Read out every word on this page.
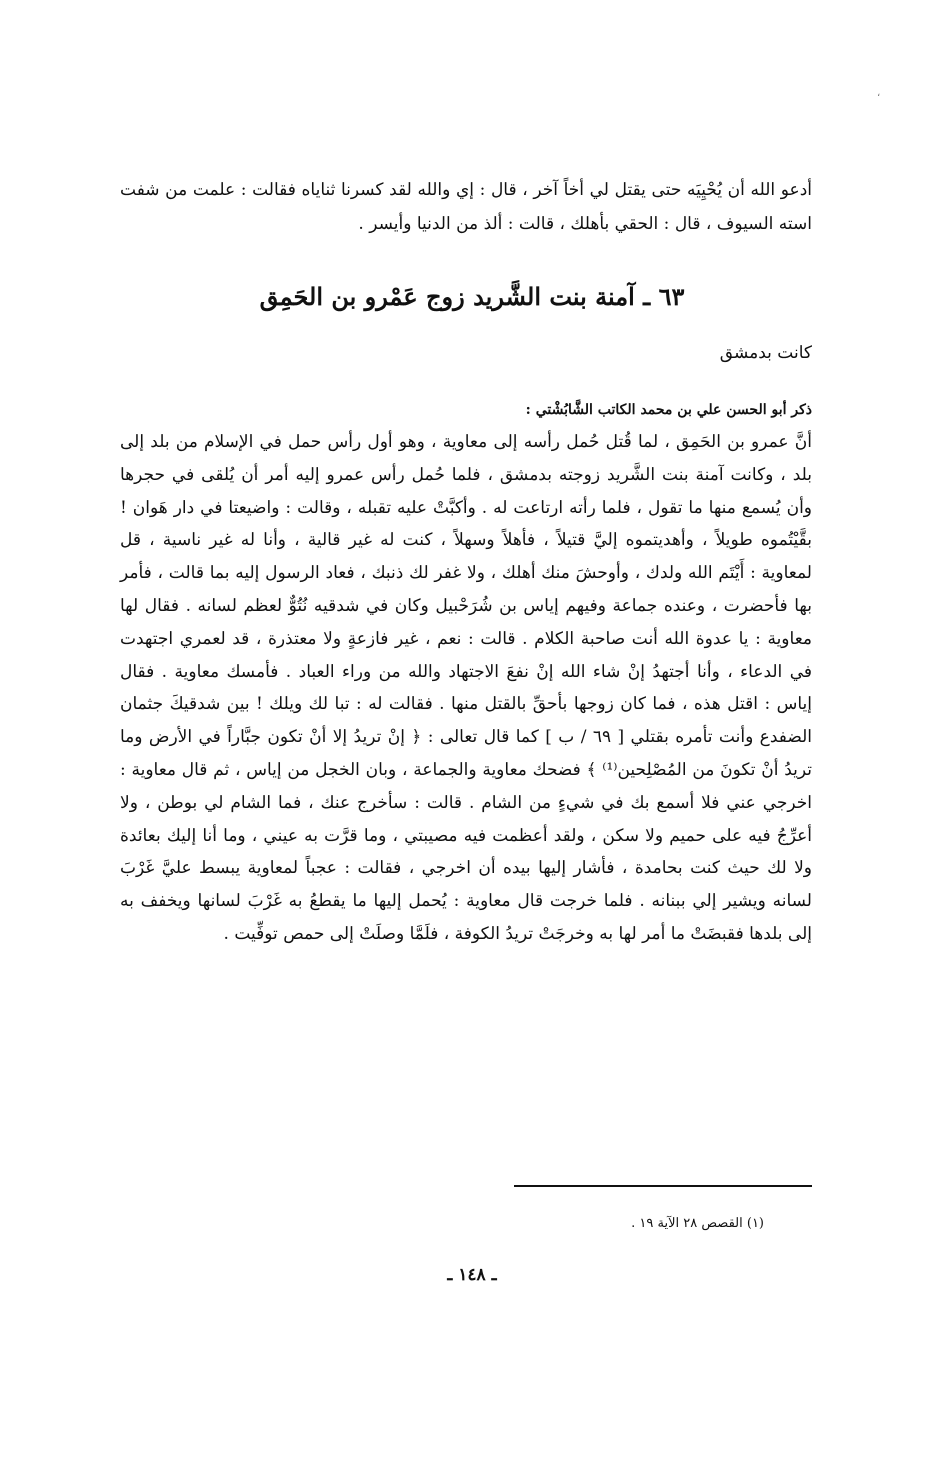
،

أدعو الله أن يُحْيِيَه حتى يقتل لي أخاً آخر ، قال : إي والله لقد كسرنا ثناياه فقالت : علمت من شفت استه السيوف ، قال : الحقي بأهلك ، قالت : ألذ من الدنيا وأيسر .

٦٣ ـ آمنة بنت الشَّريد زوج عَمْرو بن الحَمِق
كانت بدمشق
ذكر أبو الحسن علي بن محمد الكاتب الشَّابُشْتي :

أنَّ عمرو بن الحَمِق ، لما قُتل حُمل رأسه إلى معاوية ، وهو أول رأس حمل في الإسلام من بلد إلى بلد ، وكانت آمنة بنت الشَّريد زوجته بدمشق ، فلما حُمل رأس عمرو إليه أمر أن يُلقى في حجرها وأن يُسمع منها ما تقول ، فلما رأته ارتاعت له . وأكبَّتْ عليه تقبله ، وقالت : واضيعتا في دار هَوان ! بقَّيْتُموه طويلاً ، وأهديتموه إليَّ قتيلاً ، فأهلاً وسهلاً ، كنت له غير قالية ، وأنا له غير ناسية ، قل لمعاوية : أَيْتَم الله ولدك ، وأوحشَ منك أهلك ، ولا غفر لك ذنبك ، فعاد الرسول إليه بما قالت ، فأمر بها فأحضرت ، وعنده جماعة وفيهم إياس بن شُرَحْبيل وكان في شدقيه نُتُوٌّ لعظم لسانه . فقال لها معاوية : يا عدوة الله أنت صاحبة الكلام . قالت : نعم ، غير فازعةٍ ولا معتذرة ، قد لعمري اجتهدت في الدعاء ، وأنا أجتهدُ إنْ شاء الله إنْ نفعَ الاجتهاد والله من وراء العباد . فأمسك معاوية . فقال إياس : اقتل هذه ، فما كان زوجها بأحقِّ بالقتل منها . فقالت له : تبا لك ويلك ! بين شدقيكَ جثمان الضفدع وأنت تأمره بقتلي [ ٦٩ / ب ] كما قال تعالى : ﴿ إنْ تريدُ إلا أنْ تكون جبَّاراً في الأرض وما تريدُ أنْ تكونَ من المُصْلِحين⁽¹⁾ ﴾ فضحك معاوية والجماعة ، وبان الخجل من إياس ، ثم قال معاوية : اخرجي عني فلا أسمع بك في شيءٍ من الشام . قالت : سأخرج عنك ، فما الشام لي بوطن ، ولا أعرِّجُ فيه على حميم ولا سكن ، ولقد أعظمت فيه مصيبتي ، وما قرَّت به عيني ، وما أنا إليك بعائدة ولا لك حيث كنت بحامدة ، فأشار إليها بيده أن اخرجي ، فقالت : عجباً لمعاوية يبسط عليَّ غَرْبَ لسانه ويشير إلي ببنانه . فلما خرجت قال معاوية : يُحمل إليها ما يقطعُ به غَرْبَ لسانها ويخفف به إلى بلدها فقبضَتْ ما أمر لها به وخرجَتْ تريدُ الكوفة ، فلَمَّا وصلَتْ إلى حمص توفِّيت .

(١) القصص ٢٨ الآية ١٩ .
ـ ١٤٨ ـ
